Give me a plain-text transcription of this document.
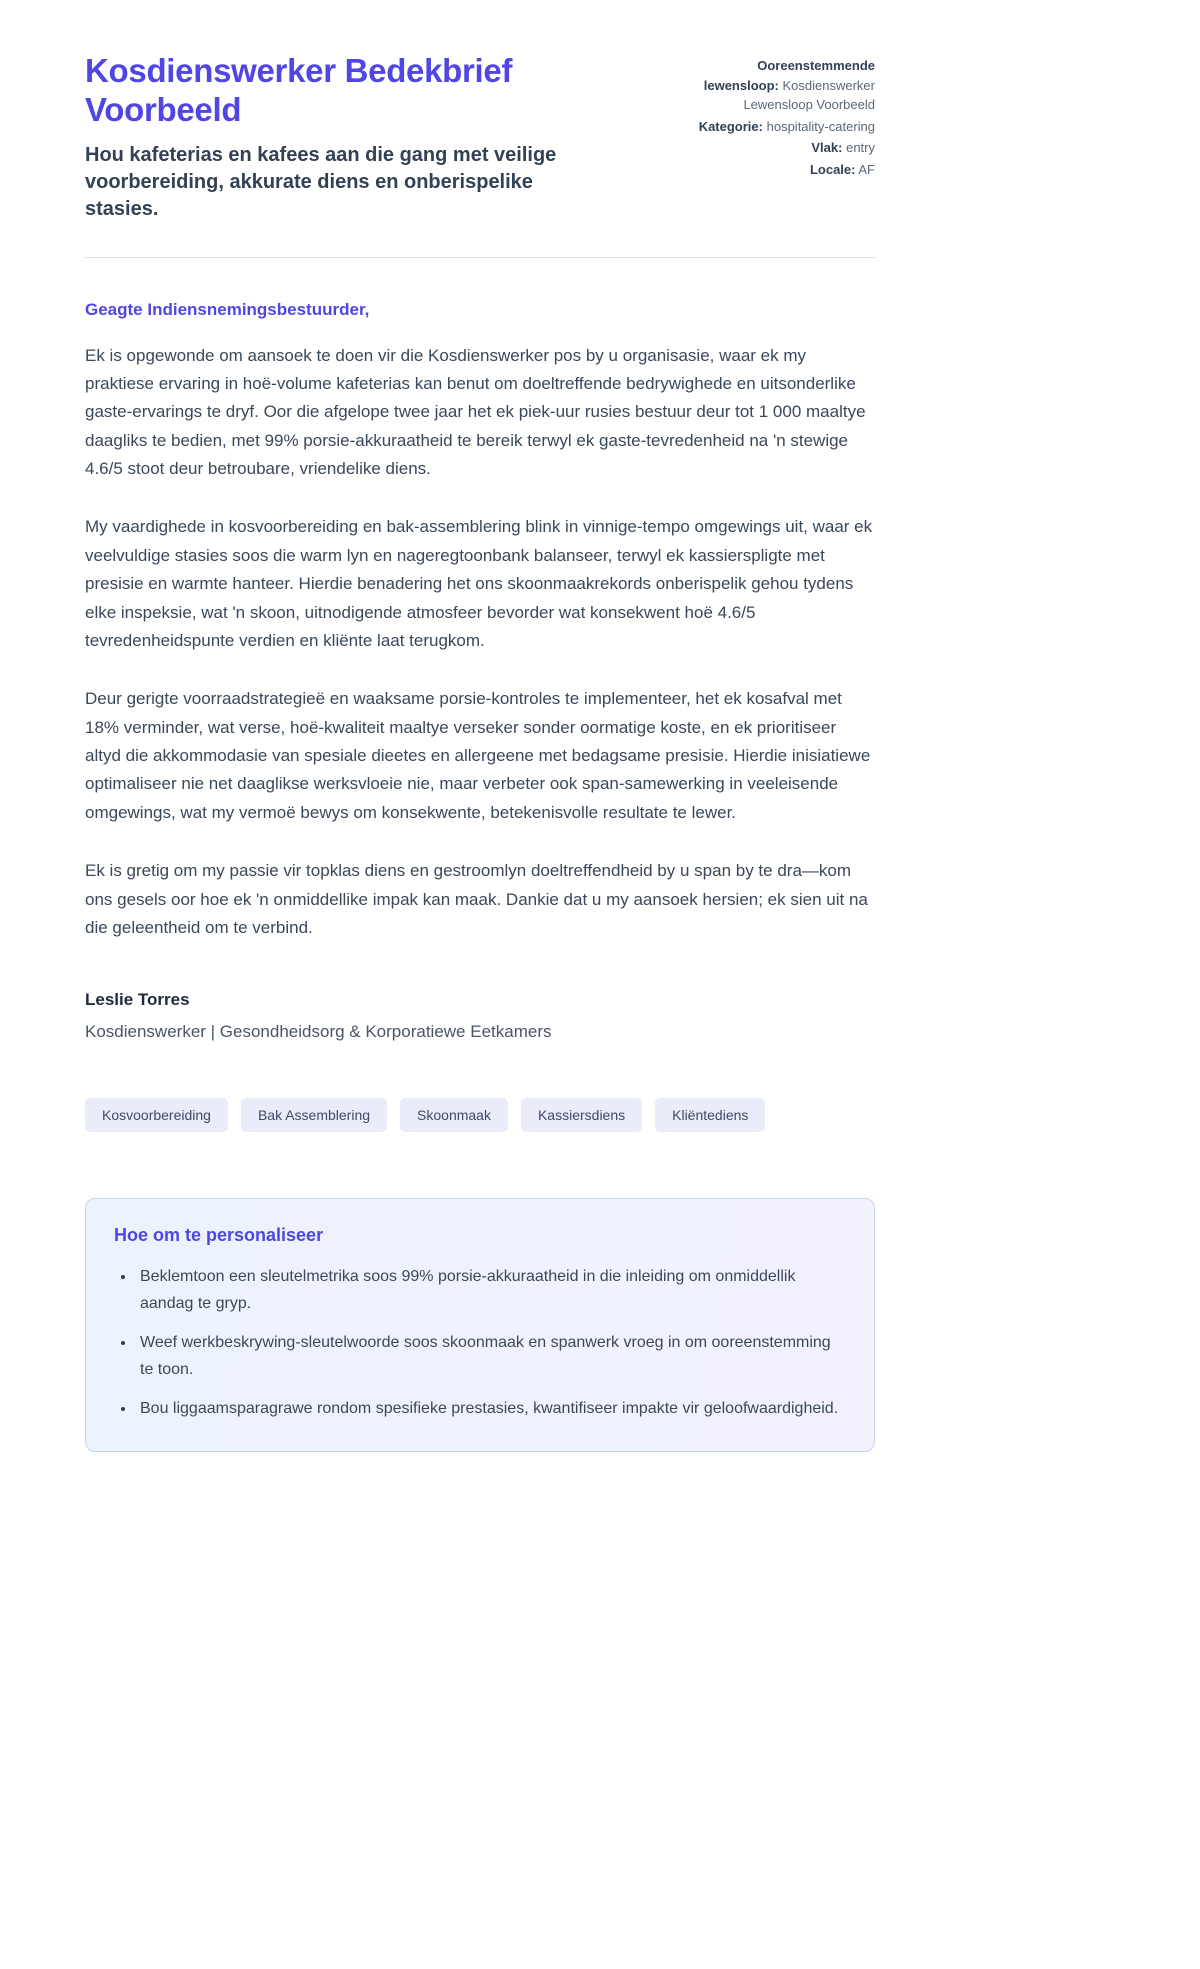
Kosdienswerker Bedekbrief Voorbeeld

Hou kafeterias en kafees aan die gang met veilige voorbereiding, akkurate diens en onberispelike stasies.

Ooreenstemmende lewensloop: Kosdienswerker Lewensloop Voorbeeld
Kategorie: hospitality-catering
Vlak: entry
Locale: AF

Geagte Indiensnemingsbestuurder,

Ek is opgewonde om aansoek te doen vir die Kosdienswerker pos by u organisasie, waar ek my praktiese ervaring in hoë-volume kafeterias kan benut om doeltreffende bedrywighede en uitsonderlike gaste-ervarings te dryf. Oor die afgelope twee jaar het ek piek-uur rusies bestuur deur tot 1 000 maaltye daagliks te bedien, met 99% porsie-akkuraatheid te bereik terwyl ek gaste-tevredenheid na 'n stewige 4.6/5 stoot deur betroubare, vriendelike diens.

My vaardighede in kosvoorbereiding en bak-assemblering blink in vinnige-tempo omgewings uit, waar ek veelvuldige stasies soos die warm lyn en nageregtoonbank balanseer, terwyl ek kassierspligte met presisie en warmte hanteer. Hierdie benadering het ons skoonmaakrekords onberispelik gehou tydens elke inspeksie, wat 'n skoon, uitnodigende atmosfeer bevorder wat konsekwent hoë 4.6/5 tevredenheidspunte verdien en kliënte laat terugkom.

Deur gerigte voorraadstrategieë en waaksame porsie-kontroles te implementeer, het ek kosafval met 18% verminder, wat verse, hoë-kwaliteit maaltye verseker sonder oormatige koste, en ek prioritiseer altyd die akkommodasie van spesiale dieetes en allergeene met bedagsame presisie. Hierdie inisiatiewe optimaliseer nie net daaglikse werksvloeie nie, maar verbeter ook span-samewerking in veeleisende omgewings, wat my vermoë bewys om konsekwente, betekenisvolle resultate te lewer.

Ek is gretig om my passie vir topklas diens en gestroomlyn doeltreffendheid by u span by te dra—kom ons gesels oor hoe ek 'n onmiddellike impak kan maak. Dankie dat u my aansoek hersien; ek sien uit na die geleentheid om te verbind.

Leslie Torres

Kosdienswerker | Gesondheidsorg & Korporatiewe Eetkamers

Kosvoorbereiding	Bak Assemblering	Skoonmaak	Kassiersdiens	Kliëntediens
Hoe om te personaliseer
• Beklemtoon een sleutelmetrika soos 99% porsie-akkuraatheid in die inleiding om onmiddellik aandag te gryp.
• Weef werkbeskrywing-sleutelwoorde soos skoonmaak en spanwerk vroeg in om ooreenstemming te toon.
• Bou liggaamsparagrawe rondom spesifieke prestasies, kwantifiseer impakte vir geloofwaardigheid.
